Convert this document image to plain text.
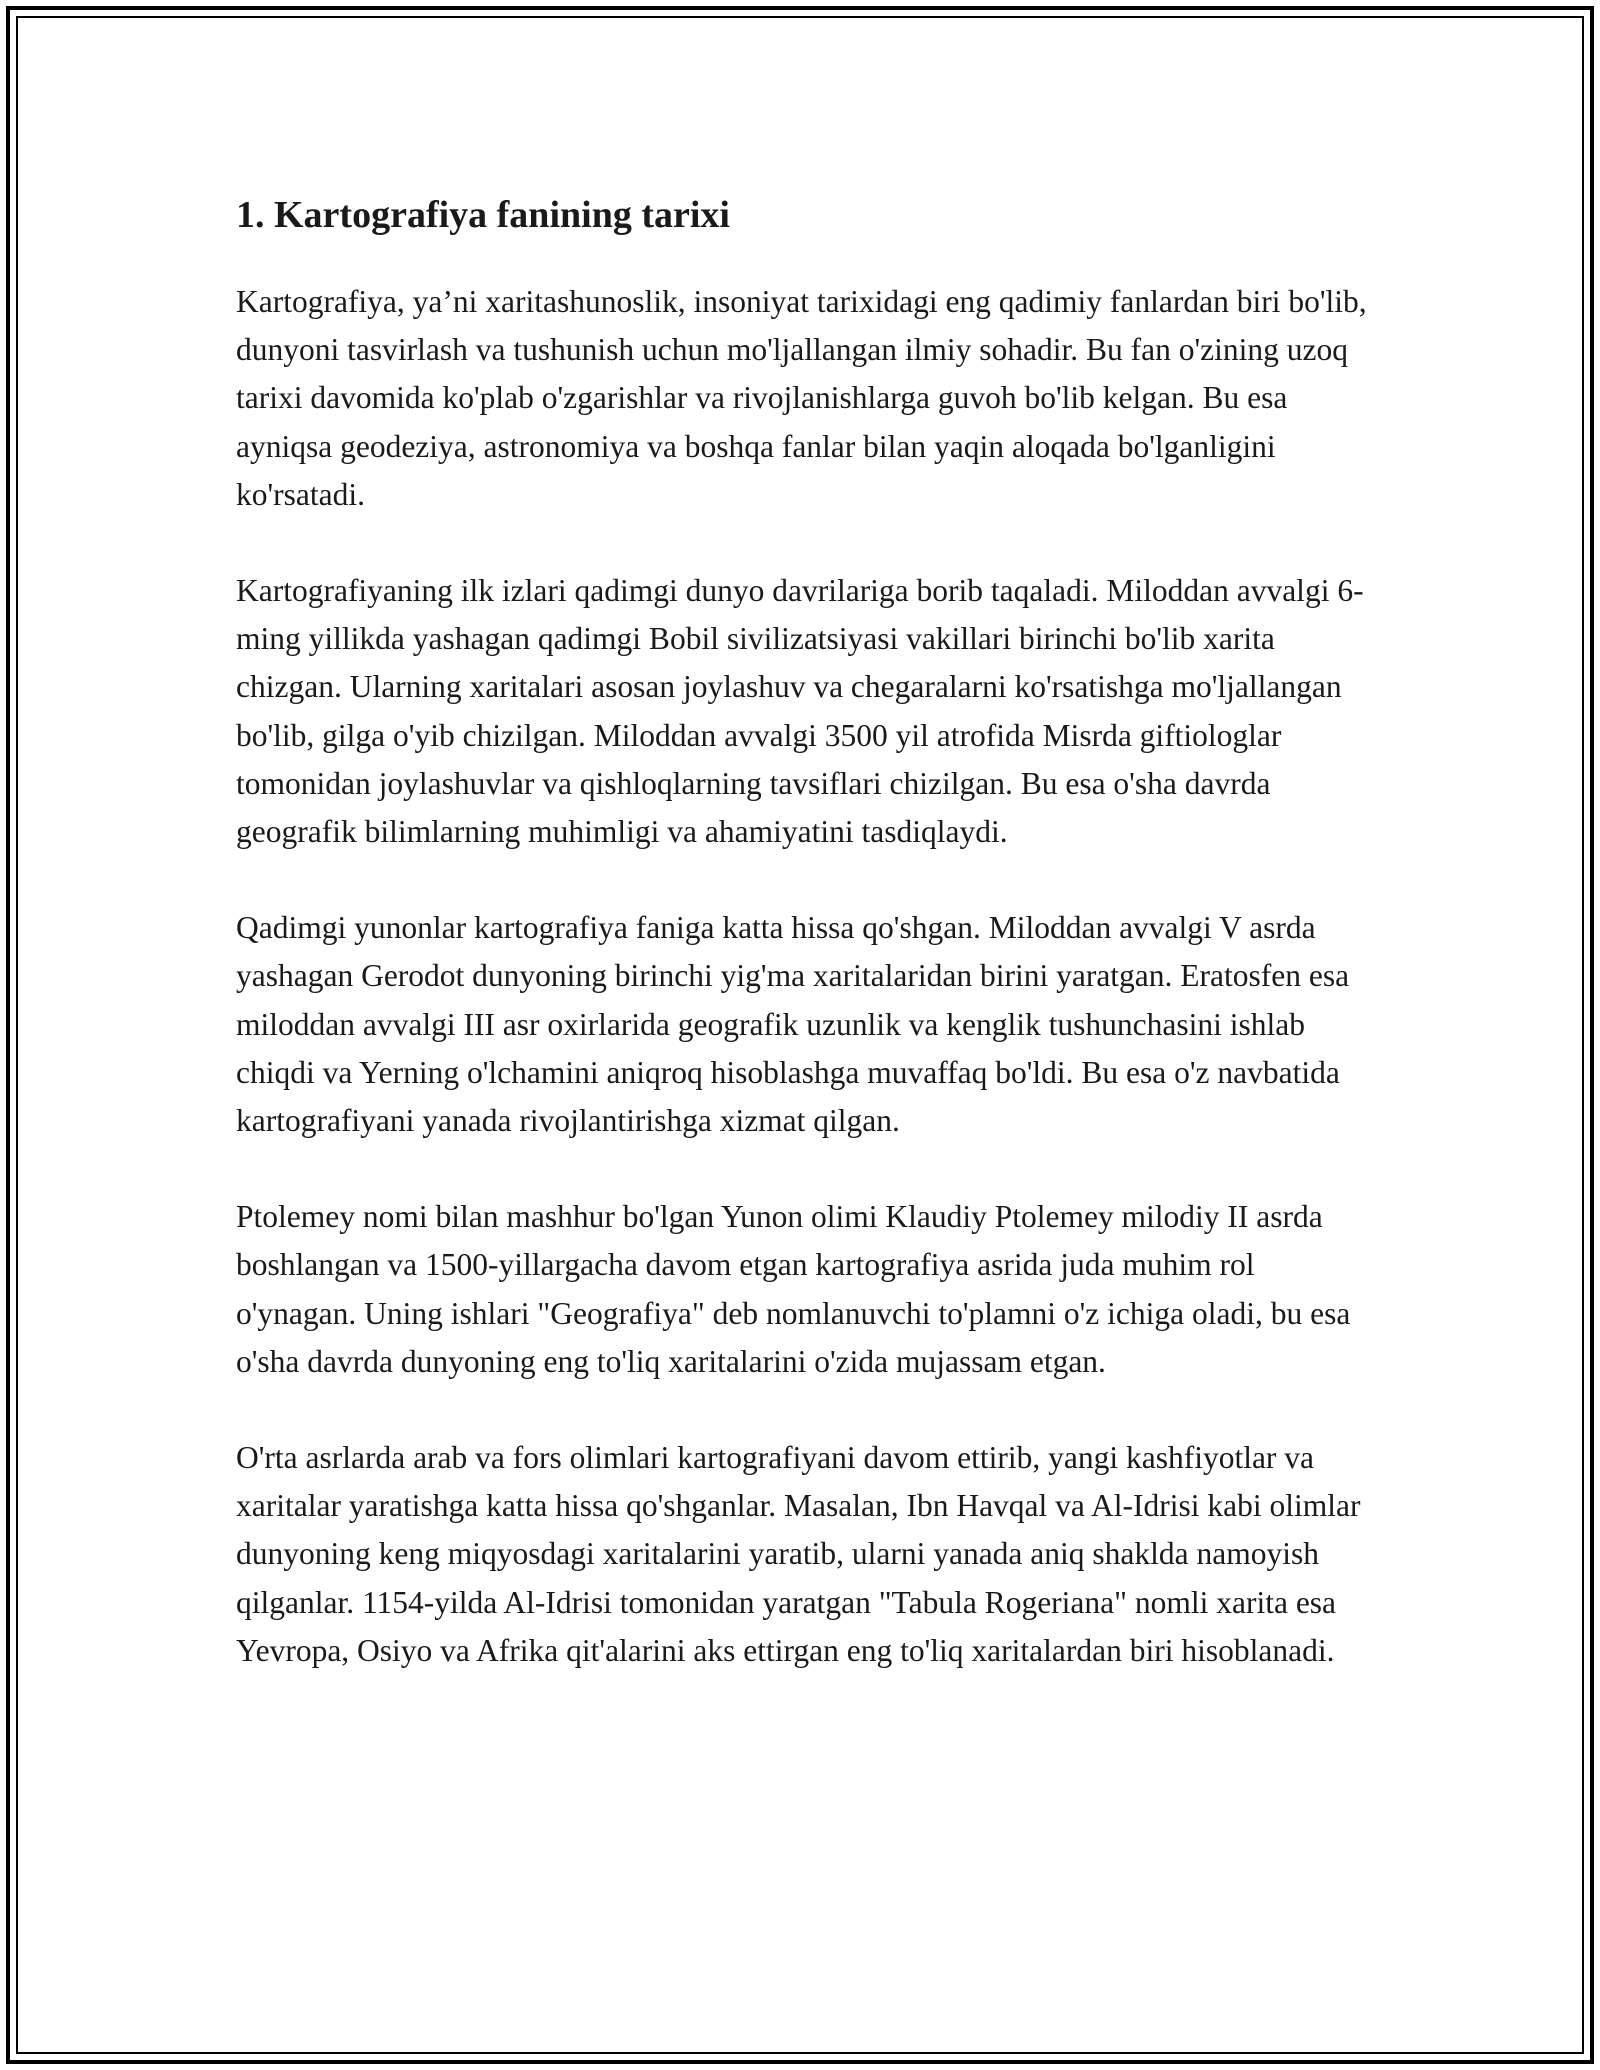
1. Kartografiya fanining tarixi

Kartografiya, ya’ni xaritashunoslik, insoniyat tarixidagi eng qadimiy fanlardan biri bo'lib, dunyoni tasvirlash va tushunish uchun mo'ljallangan ilmiy sohadir. Bu fan o'zining uzoq tarixi davomida ko'plab o'zgarishlar va rivojlanishlarga guvoh bo'lib kelgan. Bu esa ayniqsa geodeziya, astronomiya va boshqa fanlar bilan yaqin aloqada bo'lganligini ko'rsatadi.

Kartografiyaning ilk izlari qadimgi dunyo davrilariga borib taqaladi. Miloddan avvalgi 6-ming yillikda yashagan qadimgi Bobil sivilizatsiyasi vakillari birinchi bo'lib xarita chizgan. Ularning xaritalari asosan joylashuv va chegaralarni ko'rsatishga mo'ljallangan bo'lib, gilga o'yib chizilgan. Miloddan avvalgi 3500 yil atrofida Misrda giftiologlar tomonidan joylashuvlar va qishloqlarning tavsiflari chizilgan. Bu esa o'sha davrda geografik bilimlarning muhimligi va ahamiyatini tasdiqlaydi.

Qadimgi yunonlar kartografiya faniga katta hissa qo'shgan. Miloddan avvalgi V asrda yashagan Gerodot dunyoning birinchi yig'ma xaritalaridan birini yaratgan. Eratosfen esa miloddan avvalgi III asr oxirlarida geografik uzunlik va kenglik tushunchasini ishlab chiqdi va Yerning o'lchamini aniqroq hisoblashga muvaffaq bo'ldi. Bu esa o'z navbatida kartografiyani yanada rivojlantirishga xizmat qilgan.

Ptolemey nomi bilan mashhur bo'lgan Yunon olimi Klaudiy Ptolemey milodiy II asrda boshlangan va 1500-yillargacha davom etgan kartografiya asrida juda muhim rol o'ynagan. Uning ishlari "Geografiya" deb nomlanuvchi to'plamni o'z ichiga oladi, bu esa o'sha davrda dunyoning eng to'liq xaritalarini o'zida mujassam etgan.

O'rta asrlarda arab va fors olimlari kartografiyani davom ettirib, yangi kashfiyotlar va xaritalar yaratishga katta hissa qo'shganlar. Masalan, Ibn Havqal va Al-Idrisi kabi olimlar dunyoning keng miqyosdagi xaritalarini yaratib, ularni yanada aniq shaklda namoyish qilganlar. 1154-yilda Al-Idrisi tomonidan yaratgan "Tabula Rogeriana" nomli xarita esa Yevropa, Osiyo va Afrika qit'alarini aks ettirgan eng to'liq xaritalardan biri hisoblanadi.
